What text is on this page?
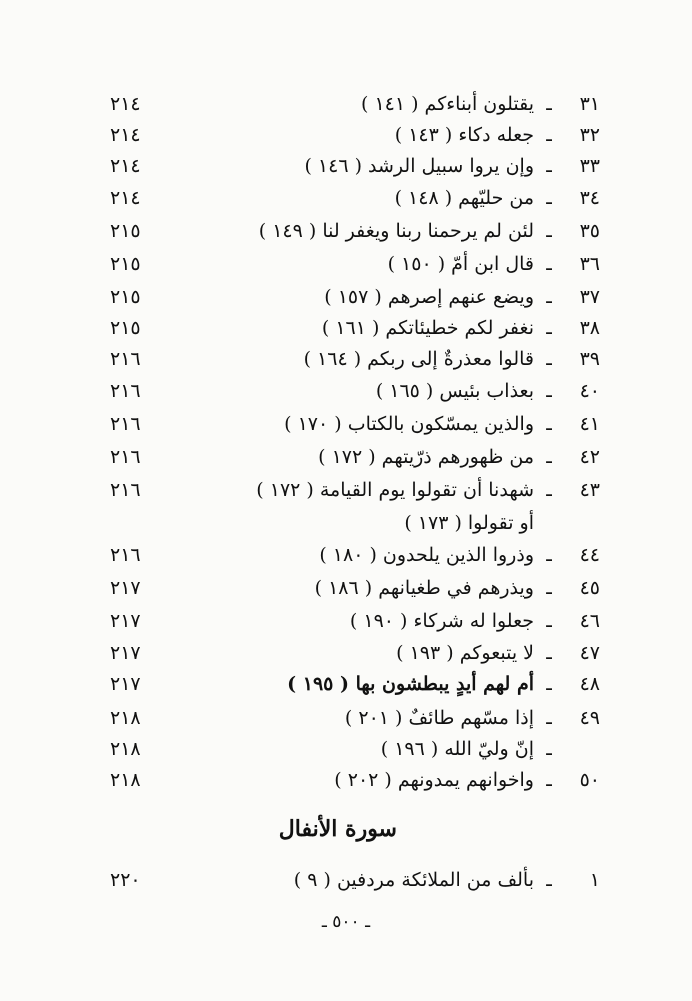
٣١
ـ
يقتلون أبناءكم ( ١٤١ )
٢١٤
٣٢
ـ
جعله دكاء ( ١٤٣ )
٢١٤
٣٣
ـ
وإن يروا سبيل الرشد ( ١٤٦ )
٢١٤
٣٤
ـ
من حليّهم ( ١٤٨ )
٢١٤
٣٥
ـ
لئن لم يرحمنا ربنا ويغفر لنا ( ١٤٩ )
٢١٥
٣٦
ـ
قال ابن أمّ ( ١٥٠ )
٢١٥
٣٧
ـ
ويضع عنهم إصرهم ( ١٥٧ )
٢١٥
٣٨
ـ
نغفر لكم خطيئاتكم ( ١٦١ )
٢١٥
٣٩
ـ
قالوا معذرةٌ إلى ربكم ( ١٦٤ )
٢١٦
٤٠
ـ
بعذاب بئيس ( ١٦٥ )
٢١٦
٤١
ـ
والذين يمسّكون بالكتاب ( ١٧٠ )
٢١٦
٤٢
ـ
من ظهورهم ذرّيتهم ( ١٧٢ )
٢١٦
٤٣
ـ
شهدنا أن تقولوا يوم القيامة ( ١٧٢ )
٢١٦
أو تقولوا ( ١٧٣ )
٤٤
ـ
وذروا الذين يلحدون ( ١٨٠ )
٢١٦
٤٥
ـ
ويذرهم في طغيانهم ( ١٨٦ )
٢١٧
٤٦
ـ
جعلوا له شركاء ( ١٩٠ )
٢١٧
٤٧
ـ
لا يتبعوكم ( ١٩٣ )
٢١٧
٤٨
ـ
أم لهم أيدٍ يبطشون بها ( ١٩٥ )
٢١٧
٤٩
ـ
إذا مسّهم طائفٌ ( ٢٠١ )
٢١٨
ـ
إنّ وليّ الله ( ١٩٦ )
٢١٨
٥٠
ـ
واخوانهم يمدونهم ( ٢٠٢ )
٢١٨
سورة الأنفال
١
ـ
بألف من الملائكة مردفين ( ٩ )
٢٢٠
ـ ٥٠٠ ـ
